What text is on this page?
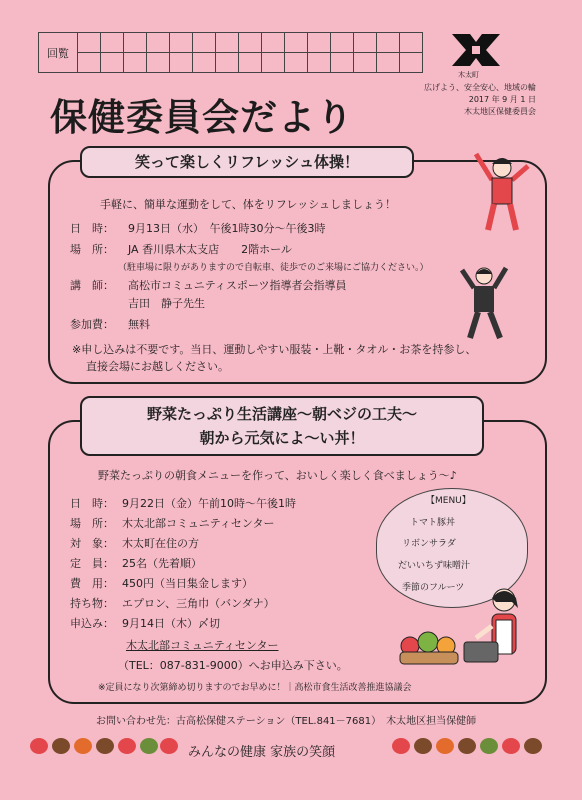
回覧															

木太町
広げよう、安全安心、地域の輪
2017 年 9 月 1 日
木太地区保健委員会
保健委員会だより
笑って楽しくリフレッシュ体操！
手軽に、簡単な運動をして、体をリフレッシュしましょう！
日　時： 9月13日（水）　午後1時30分～午後3時
場　所： JA 香川県木太支店　　2階ホール
（駐車場に限りがありますので自転車、徒歩でのご来場にご協力ください。）
講　師： 高松市コミュニティスポーツ指導者会指導員
吉田　静子先生
参加費： 無料
※申し込みは不要です。当日、運動しやすい服装・上靴・タオル・お茶を持参し、
直接会場にお越しください。
野菜たっぷり生活講座～朝ベジの工夫～
朝から元気によ～い丼！
野菜たっぷりの朝食メニューを作って、おいしく楽しく食べましょう～♪
日　時： 9月22日（金）午前10時～午後1時
場　所： 木太北部コミュニティセンター
対　象： 木太町在住の方
定　員： 25名（先着順）
費　用： 450円（当日集金します）
持ち物： エプロン、三角巾（バンダナ）
申込み： 9月14日（木）〆切
木太北部コミュニティセンター
（TEL：087-831-9000）へお申込み下さい。
※定員になり次第締め切りますのでお早めに！｜高松市食生活改善推進協議会
【MENU】
トマト豚丼
リボンサラダ
だいいちず味噌汁
季節のフルーツ
お問い合わせ先：古高松保健ステーション（TEL.841－7681）　木太地区担当保健師
みんなの健康 家族の笑顔
